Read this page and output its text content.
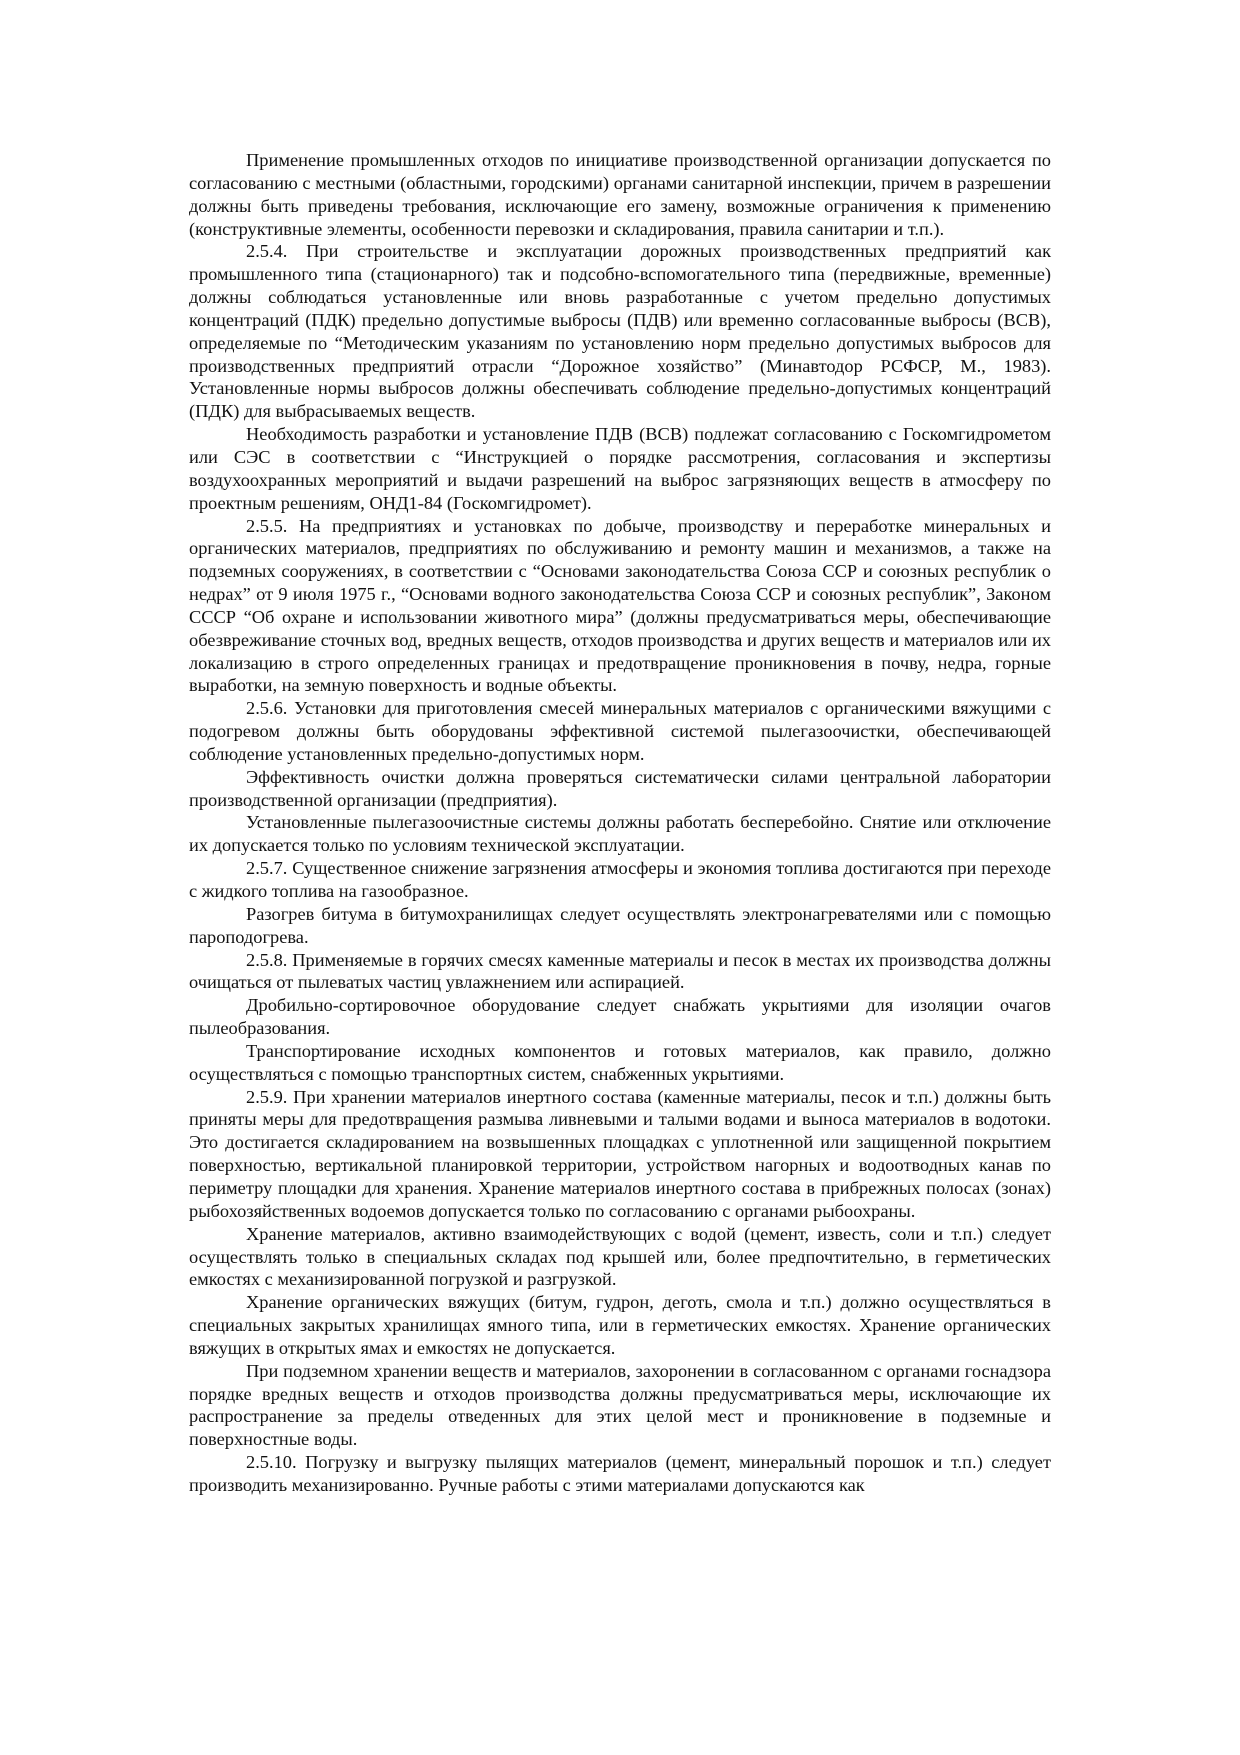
Применение промышленных отходов по инициативе производственной организации допускается по согласованию с местными (областными, городскими) органами санитарной инспекции, причем в разрешении должны быть приведены требования, исключающие его замену, возможные ограничения к применению (конструктивные элементы, особенности перевозки и складирования, правила санитарии и т.п.).

2.5.4. При строительстве и эксплуатации дорожных производственных предприятий как промышленного типа (стационарного) так и подсобно-вспомогательного типа (передвижные, временные) должны соблюдаться установленные или вновь разработанные с учетом предельно допустимых концентраций (ПДК) предельно допустимые выбросы (ПДВ) или временно согласованные выбросы (ВСВ), определяемые по “Методическим указаниям по установлению норм предельно допустимых выбросов для производственных предприятий отрасли “Дорожное хозяйство” (Минавтодор РСФСР, М., 1983). Установленные нормы выбросов должны обеспечивать соблюдение предельно-допустимых концентраций (ПДК) для выбрасываемых веществ.

Необходимость разработки и установление ПДВ (ВСВ) подлежат согласованию с Госкомгидрометом или СЭС в соответствии с “Инструкцией о порядке рассмотрения, согласования и экспертизы воздухоохранных мероприятий и выдачи разрешений на выброс загрязняющих веществ в атмосферу по проектным решениям, ОНД1-84 (Госкомгидромет).

2.5.5. На предприятиях и установках по добыче, производству и переработке минеральных и органических материалов, предприятиях по обслуживанию и ремонту машин и механизмов, а также на подземных сооружениях, в соответствии с “Основами законодательства Союза ССР и союзных республик о недрах” от 9 июля 1975 г., “Основами водного законодательства Союза ССР и союзных республик”, Законом СССР “Об охране и использовании животного мира” (должны предусматриваться меры, обеспечивающие обезвреживание сточных вод, вредных веществ, отходов производства и других веществ и материалов или их локализацию в строго определенных границах и предотвращение проникновения в почву, недра, горные выработки, на земную поверхность и водные объекты.

2.5.6. Установки для приготовления смесей минеральных материалов с органическими вяжущими с подогревом должны быть оборудованы эффективной системой пылегазоочистки, обеспечивающей соблюдение установленных предельно-допустимых норм.

Эффективность очистки должна проверяться систематически силами центральной лаборатории производственной организации (предприятия).

Установленные пылегазоочистные системы должны работать бесперебойно. Снятие или отключение их допускается только по условиям технической эксплуатации.

2.5.7. Существенное снижение загрязнения атмосферы и экономия топлива достигаются при переходе с жидкого топлива на газообразное.

Разогрев битума в битумохранилищах следует осуществлять электронагревателями или с помощью пароподогрева.

2.5.8. Применяемые в горячих смесях каменные материалы и песок в местах их производства должны очищаться от пылеватых частиц увлажнением или аспирацией.

Дробильно-сортировочное оборудование следует снабжать укрытиями для изоляции очагов пылеобразования.

Транспортирование исходных компонентов и готовых материалов, как правило, должно осуществляться с помощью транспортных систем, снабженных укрытиями.

2.5.9. При хранении материалов инертного состава (каменные материалы, песок и т.п.) должны быть приняты меры для предотвращения размыва ливневыми и талыми водами и выноса материалов в водотоки. Это достигается складированием на возвышенных площадках с уплотненной или защищенной покрытием поверхностью, вертикальной планировкой территории, устройством нагорных и водоотводных канав по периметру площадки для хранения. Хранение материалов инертного состава в прибрежных полосах (зонах) рыбохозяйственных водоемов допускается только по согласованию с органами рыбоохраны.

Хранение материалов, активно взаимодействующих с водой (цемент, известь, соли и т.п.) следует осуществлять только в специальных складах под крышей или, более предпочтительно, в герметических емкостях с механизированной погрузкой и разгрузкой.

Хранение органических вяжущих (битум, гудрон, деготь, смола и т.п.) должно осуществляться в специальных закрытых хранилищах ямного типа, или в герметических емкостях. Хранение органических вяжущих в открытых ямах и емкостях не допускается.

При подземном хранении веществ и материалов, захоронении в согласованном с органами госнадзора порядке вредных веществ и отходов производства должны предусматриваться меры, исключающие их распространение за пределы отведенных для этих целой мест и проникновение в подземные и поверхностные воды.

2.5.10. Погрузку и выгрузку пылящих материалов (цемент, минеральный порошок и т.п.) следует производить механизированно. Ручные работы с этими материалами допускаются как
